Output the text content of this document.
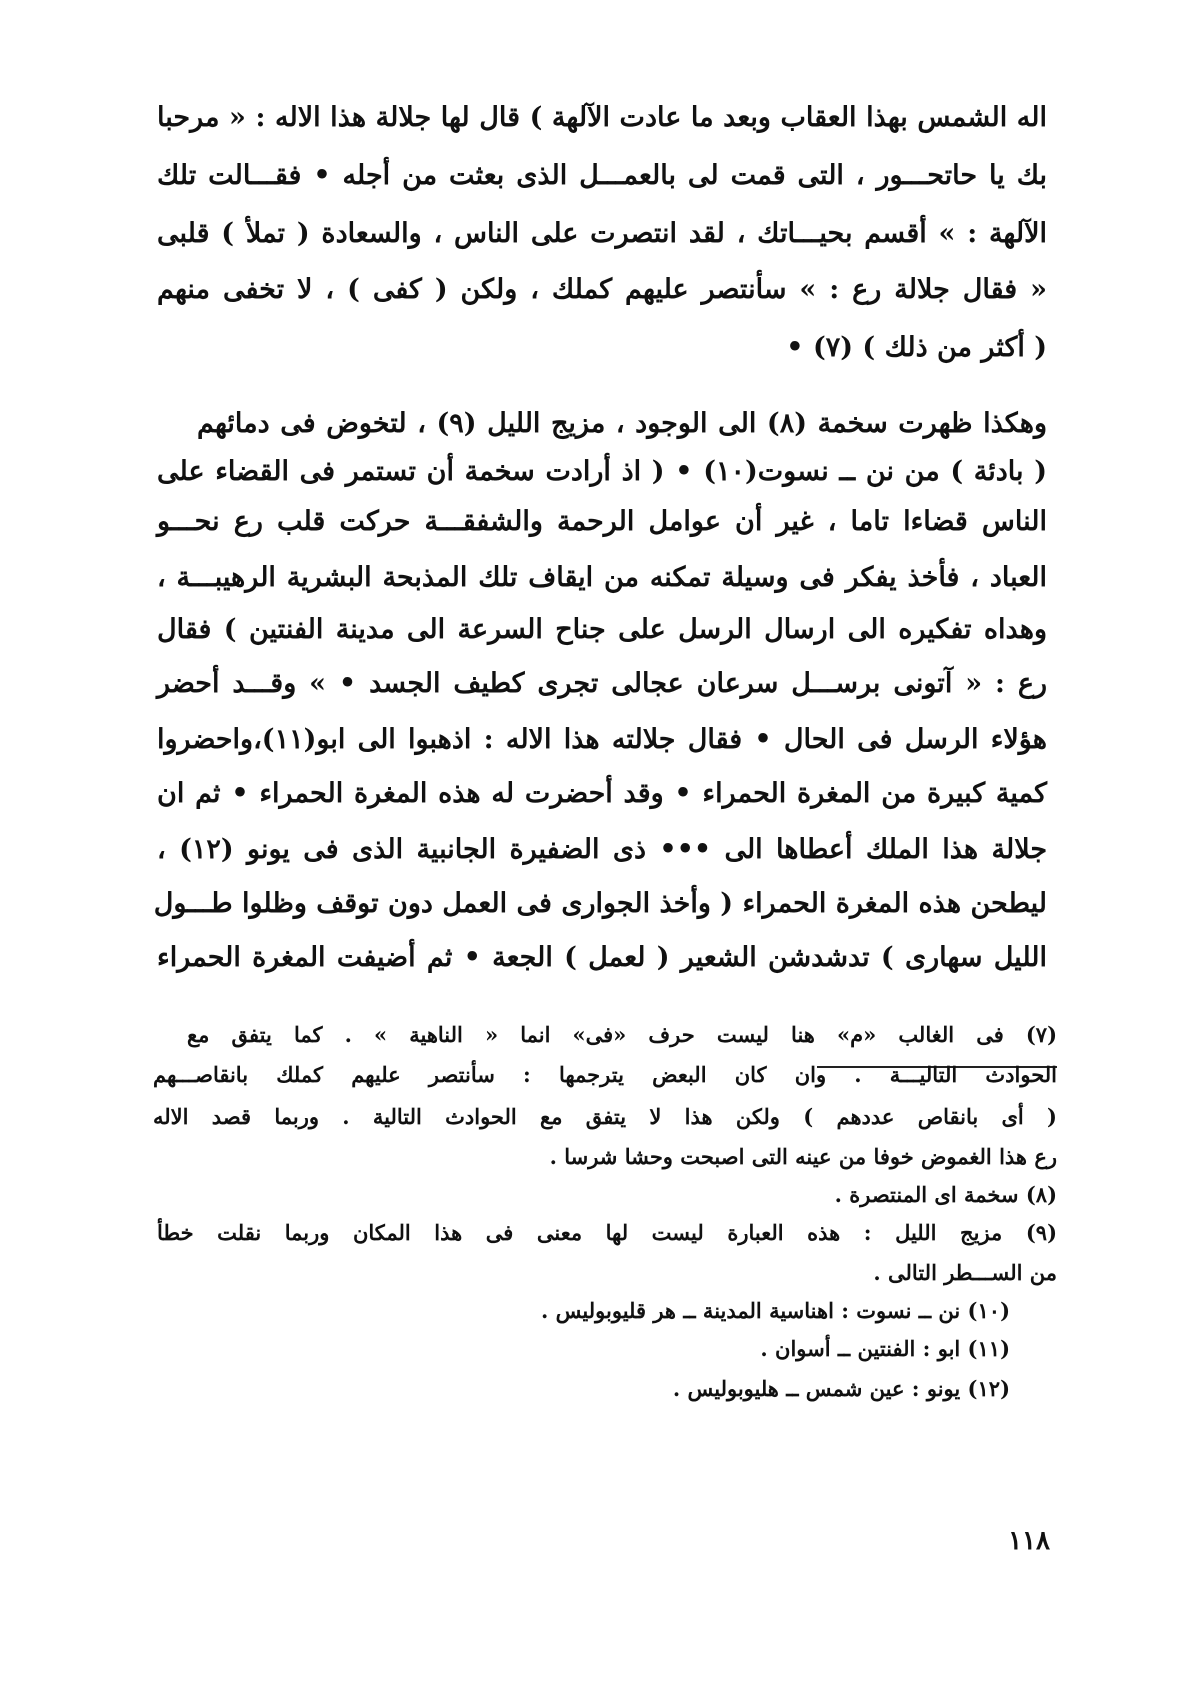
اله الشمس بهذا العقاب وبعد ما عادت الآلهة ) قال لها جلالة هذا الاله : « مرحبا
بك يا حاتحـــور ، التى قمت لى بالعمـــل الذى بعثت من أجله • فقـــالت تلك
الآلهة : » أقسم بحيـــاتك ، لقد انتصرت على الناس ، والسعادة ( تملأ ) قلبى
« فقال جلالة رع : » سأنتصر عليهم كملك ، ولكن ( كفى ) ، لا تخفى منهم
( أكثر من ذلك ) (٧) •
وهكذا ظهرت سخمة (٨) الى الوجود ، مزيج الليل (٩) ، لتخوض فى دمائهم
( بادئة ) من نن ــ نسوت(١٠) • ( اذ أرادت سخمة أن تستمر فى القضاء على
الناس قضاءا تاما ، غير أن عوامل الرحمة والشفقـــة حركت قلب رع نحـــو
العباد ، فأخذ يفكر فى وسيلة تمكنه من ايقاف تلك المذبحة البشرية الرهيبـــة ،
وهداه تفكيره الى ارسال الرسل على جناح السرعة الى مدينة الفنتين ) فقال
رع : « آتونى برســـل سرعان عجالى تجرى كطيف الجسد • » وقـــد أحضر
هؤلاء الرسل فى الحال • فقال جلالته هذا الاله : اذهبوا الى ابو(١١)،واحضروا
كمية كبيرة من المغرة الحمراء • وقد أحضرت له هذه المغرة الحمراء • ثم ان
جلالة هذا الملك أعطاها الى ••• ذى الضفيرة الجانبية الذى فى يونو (١٢) ،
ليطحن هذه المغرة الحمراء ( وأخذ الجوارى فى العمل دون توقف وظلوا طـــول
الليل سهارى ) تدشدشن الشعير ( لعمل ) الجعة • ثم أضيفت المغرة الحمراء
(٧) فى الغالب «م» هنا ليست حرف «فى» انما « الناهية » . كما يتفق مع
الحوادث التاليـــة . وان كان البعض يترجمها : سأنتصر عليهم كملك بانقاصـــهم
( أى بانقاص عددهم ) ولكن هذا لا يتفق مع الحوادث التالية . وربما قصد الاله
رع هذا الغموض خوفا من عينه التى اصبحت وحشا شرسا .
(٨) سخمة اى المنتصرة .
(٩) مزيج الليل : هذه العبارة ليست لها معنى فى هذا المكان وربما نقلت خطأ
من الســـطر التالى .
(١٠) نن ــ نسوت : اهناسية المدينة ــ هر قليوبوليس .
(١١) ابو : الفنتين ــ أسوان .
(١٢) يونو : عين شمس ــ هليوبوليس .
١١٨
